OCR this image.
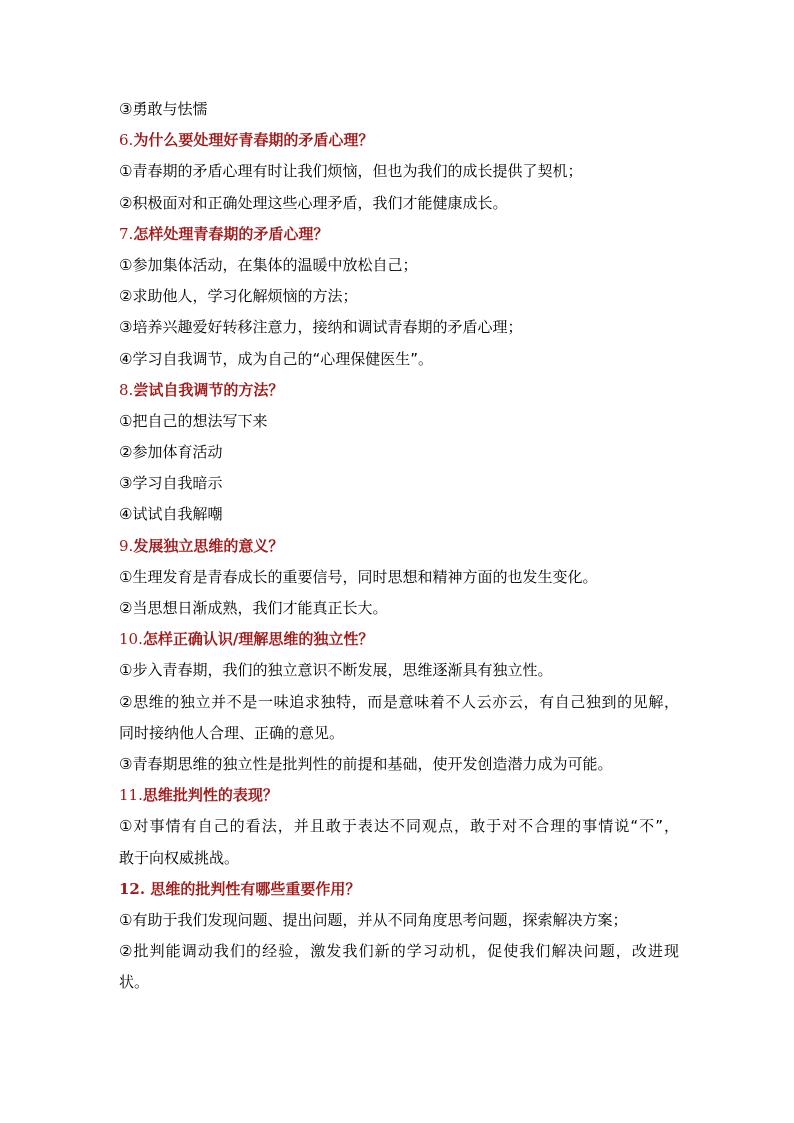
③勇敢与怯懦
6.为什么要处理好青春期的矛盾心理？
①青春期的矛盾心理有时让我们烦恼，但也为我们的成长提供了契机；
②积极面对和正确处理这些心理矛盾，我们才能健康成长。
7.怎样处理青春期的矛盾心理？
①参加集体活动，在集体的温暖中放松自己；
②求助他人，学习化解烦恼的方法；
③培养兴趣爱好转移注意力，接纳和调试青春期的矛盾心理；
④学习自我调节，成为自己的“心理保健医生”。
8.尝试自我调节的方法？
①把自己的想法写下来
②参加体育活动
③学习自我暗示
④试试自我解嘲
9.发展独立思维的意义？
①生理发育是青春成长的重要信号，同时思想和精神方面的也发生变化。
②当思想日渐成熟，我们才能真正长大。
10.怎样正确认识/理解思维的独立性？
①步入青春期，我们的独立意识不断发展，思维逐渐具有独立性。
②思维的独立并不是一味追求独特，而是意味着不人云亦云，有自己独到的见解，
同时接纳他人合理、正确的意见。
③青春期思维的独立性是批判性的前提和基础，使开发创造潜力成为可能。
11.思维批判性的表现？
①对事情有自己的看法，并且敢于表达不同观点，敢于对不合理的事情说“不”，
敢于向权威挑战。
12. 思维的批判性有哪些重要作用？
①有助于我们发现问题、提出问题，并从不同角度思考问题，探索解决方案；
②批判能调动我们的经验，激发我们新的学习动机，促使我们解决问题，改进现
状。
